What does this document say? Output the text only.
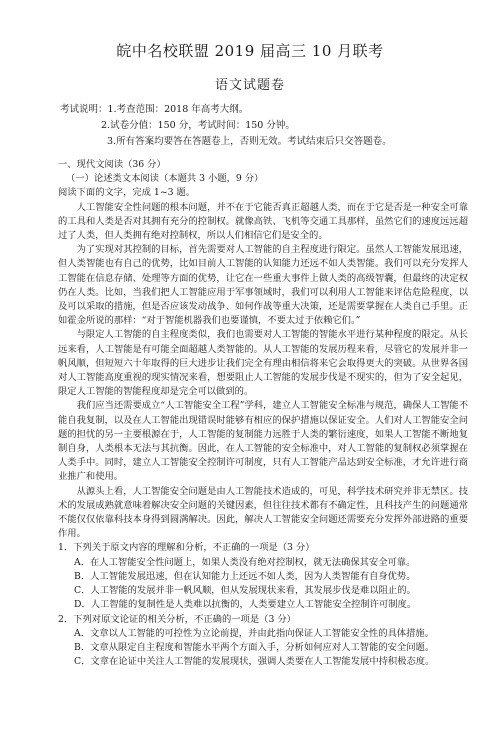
皖中名校联盟 2019 届高三 10 月联考
语文试题卷
考试说明：1.考查范围：2018 年高考大纲。
2.试卷分值：150 分，考试时间：150 分钟。
3.所有答案均要答在答题卷上，否则无效。考试结束后只交答题卷。

一、现代文阅读（36 分）

（一）论述类文本阅读（本题共 3 小题，9 分）

阅读下面的文字，完成 1~3 题。

人工智能安全性问题的根本问题，并不在于它能否真正超越人类，而在于它是否是一种安全可靠的工具和人类是否对其拥有充分的控制权。就像高铁、飞机等交通工具那样，虽然它们的速度远远超过了人类，但人类拥有绝对控制权，所以人们相信它们是安全的。

为了实现对其控制的目标，首先需要对人工智能的自主程度进行限定。虽然人工智能发展迅速，但人类智能也有自己的优势，比如目前人工智能的认知能力还远不如人类智能。我们可以充分发挥人工智能在信息存储、处理等方面的优势，让它在一些重大事件上做人类的高级智囊，但最终的决定权仍在人类。比如，当我们把人工智能应用于军事领域时，我们可以利用人工智能来评估危险程度，以及可以采取的措施，但是否应该发动战争、如何作战等重大决策，还是需要掌握在人类自己手里。正如霍金所说的那样：“对于智能机器我们也要谨慎，不要太过于依赖它们。”

与限定人工智能的自主程度类似，我们也需要对人工智能的智能水平进行某种程度的限定。从长远来看，人工智能是有可能全面超越人类智能的。从人工智能的发展历程来看，尽管它的发展并非一帆风顺，但短短六十年取得的巨大进步让我们完全有理由相信将来它会取得更大的突破。从世界各国对人工智能高度重视的现实情况来看，想要阻止人工智能的发展步伐是不现实的，但为了安全起见，限定人工智能的智能程度却是完全可以做到的。

我们应当还需要成立“人工智能安全工程”学科，建立人工智能安全标准与规范，确保人工智能不能自我复制，以及在人工智能出现错误时能够有相应的保护措施以保证安全。人们对人工智能安全问题的担忧的另一主要根源在于，人工智能的复制能力远胜于人类的繁衍速度，如果人工智能不断地复制自身，人类根本无法与其抗衡。因此，在人工智能的安全标准中，对人工智能的复制权必须掌握在人类手中。同时，建立人工智能安全控制许可制度，只有人工智能产品达到安全标准，才允许进行商业推广和使用。

从源头上看，人工智能安全问题是由人工智能技术造成的，可见，科学技术研究并非无禁区。技术的发展成熟就意味着解决安全问题的关键因素，但往往技术都有不确定性，且科技产生的问题通常不能仅仅依靠科技本身得到圆满解决。因此，解决人工智能安全问题还需要充分发挥外部进路的重要作用。

1．下列关于原文内容的理解和分析，不正确的一项是（3 分）

A．在人工智能安全性问题上，如果人类没有绝对控制权，就无法确保其安全可靠。

B．人工智能发展迅速，但在认知能力上还远不如人类，因为人类智能有自身优势。

C．人工智能的发展并非一帆风顺，但从发展现状来看，其发展步伐是难以阻止的。

D．人工智能的复制性是人类难以抗衡的，人类要建立人工智能安全控制许可制度。

2．下列对原文论证的相关分析，不正确的一项是（3 分）

A．文章以人工智能的可控性为立论前提，并由此指向保证人工智能安全性的具体措施。

B．文章从限定自主程度和智能水平两个方面入手，分析如何应对人工智能的安全问题。

C．文章在论证中关注人工智能的发展现状，强调人类要在人工智能发展中持积极态度。
